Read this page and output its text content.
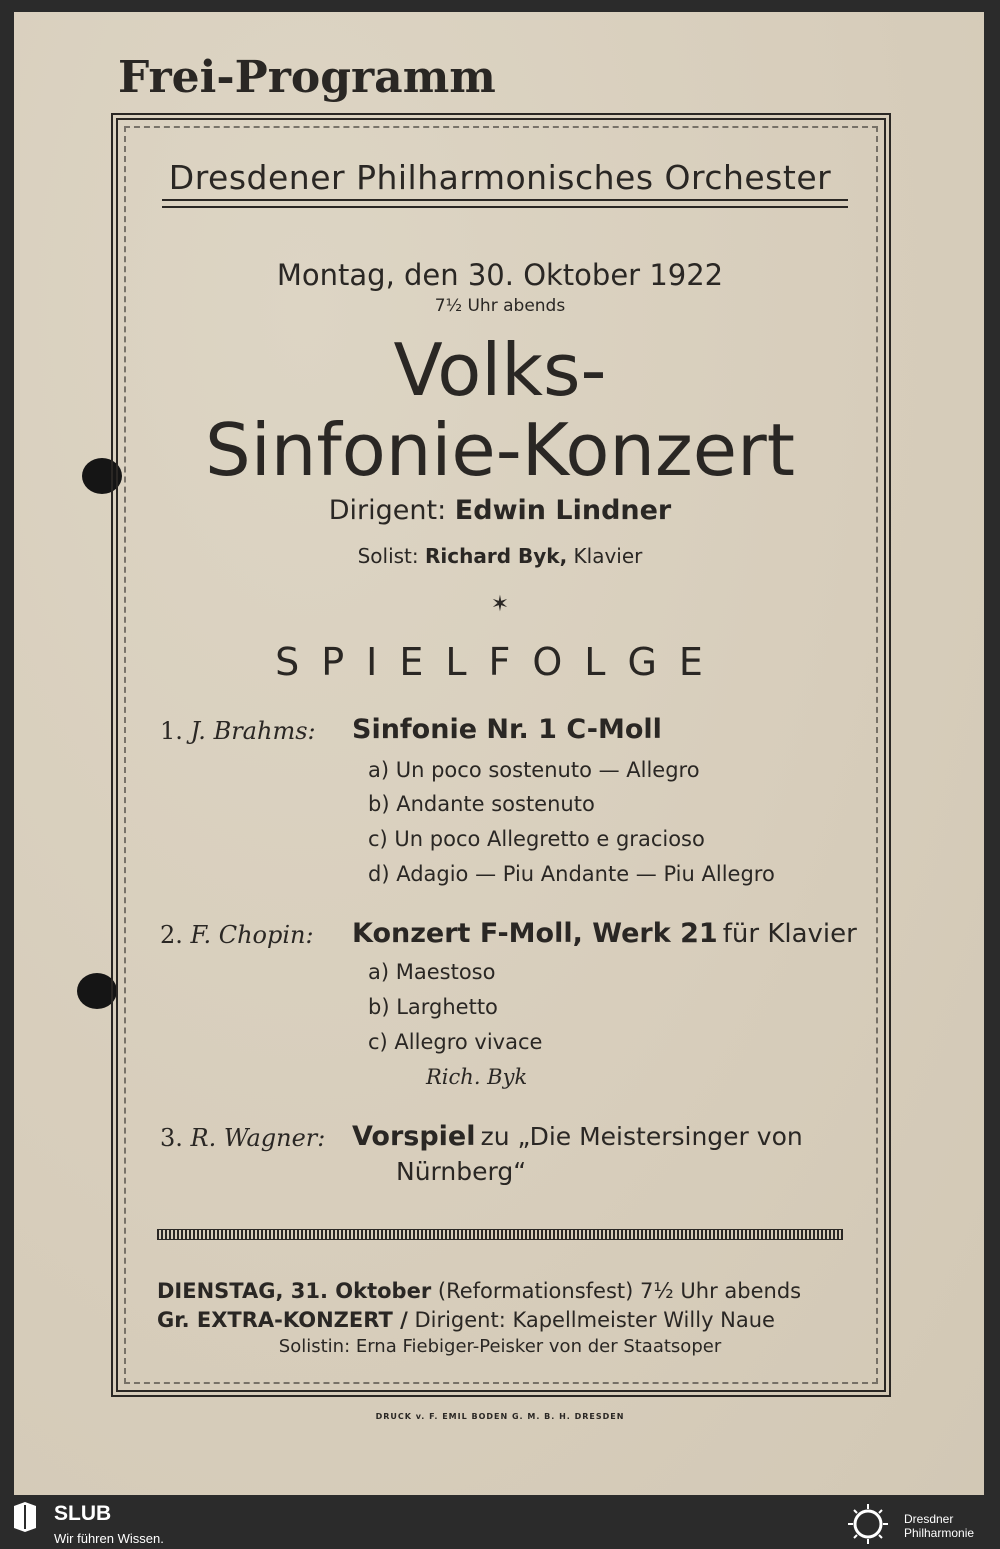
Frei-Programm
Dresdener Philharmonisches Orchester
Montag, den 30. Oktober 1922
7½ Uhr abends
Volks-
Sinfonie-Konzert
Dirigent: Edwin Lindner
Solist: Richard Byk, Klavier
✶
SPIELFOLGE
1. J. Brahms: Sinfonie Nr. 1 C-Moll
a) Un poco sostenuto — Allegro
b) Andante sostenuto
c) Un poco Allegretto e gracioso
d) Adagio — Piu Andante — Piu Allegro
2. F. Chopin: Konzert F-Moll, Werk 21 für Klavier
a) Maestoso
b) Larghetto
c) Allegro vivace
Rich. Byk
3. R. Wagner: Vorspiel zu „Die Meistersinger von
Nürnberg“
DIENSTAG, 31. Oktober (Reformationsfest) 7½ Uhr abends
Gr. EXTRA-KONZERT / Dirigent: Kapellmeister Willy Naue
Solistin: Erna Fiebiger-Peisker von der Staatsoper
DRUCK v. F. EMIL BODEN G. M. B. H. DRESDEN
SLUB
Wir führen Wissen.
Dresdner
Philharmonie
